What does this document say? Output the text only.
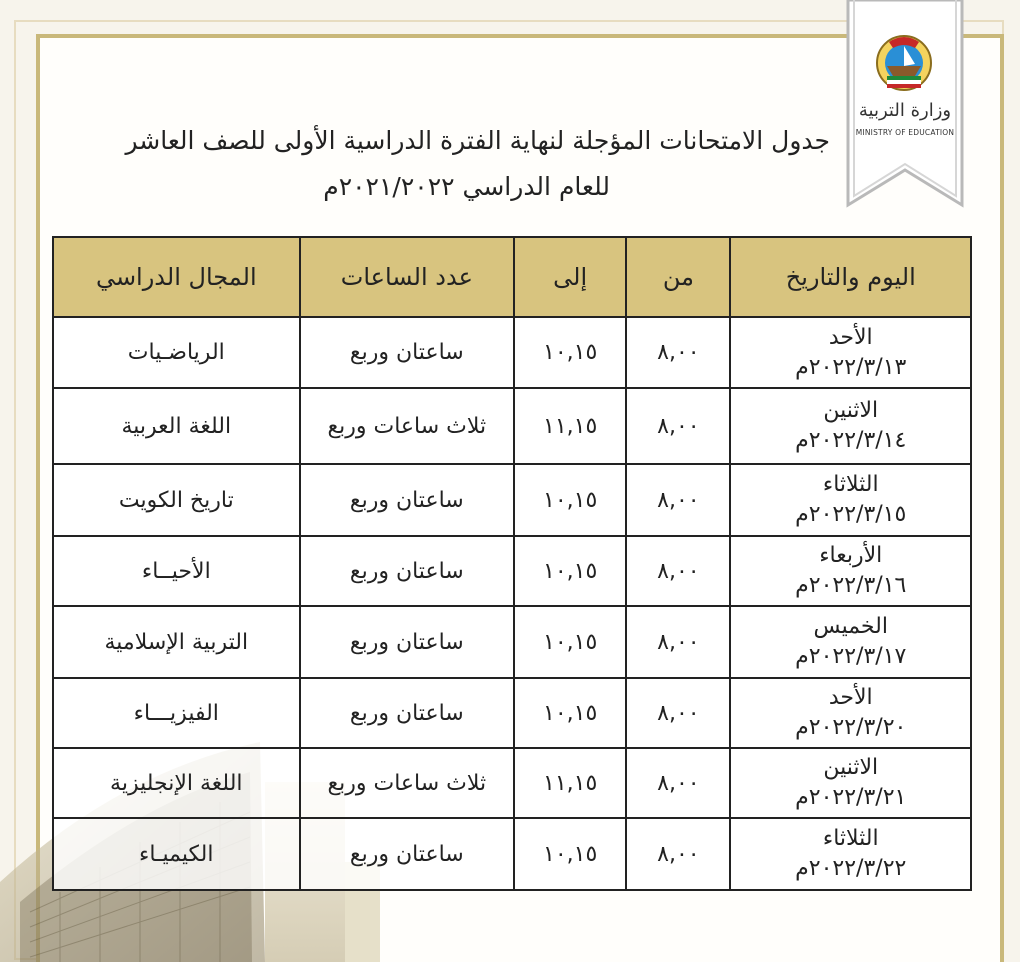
وزارة التربية
MINISTRY OF EDUCATION
جدول الامتحانات المؤجلة لنهاية الفترة الدراسية الأولى للصف العاشر
للعام الدراسي ٢٠٢١/٢٠٢٢م
اليوم والتاريخ	من	إلى	عدد الساعات	المجال الدراسي

الأحد
٢٠٢٢/٣/١٣م	٨,٠٠	١٠,١٥	ساعتان وربع	الرياضـيات

الاثنين
٢٠٢٢/٣/١٤م	٨,٠٠	١١,١٥	ثلاث ساعات وربع	اللغة العربية

الثلاثاء
٢٠٢٢/٣/١٥م	٨,٠٠	١٠,١٥	ساعتان وربع	تاريخ الكويت

الأربعاء
٢٠٢٢/٣/١٦م	٨,٠٠	١٠,١٥	ساعتان وربع	الأحيــاء

الخميس
٢٠٢٢/٣/١٧م	٨,٠٠	١٠,١٥	ساعتان وربع	التربية الإسلامية

الأحد
٢٠٢٢/٣/٢٠م	٨,٠٠	١٠,١٥	ساعتان وربع	الفيزيـــاء

الاثنين
٢٠٢٢/٣/٢١م	٨,٠٠	١١,١٥	ثلاث ساعات وربع	اللغة الإنجليزية

الثلاثاء
٢٠٢٢/٣/٢٢م	٨,٠٠	١٠,١٥	ساعتان وربع	الكيميـاء
